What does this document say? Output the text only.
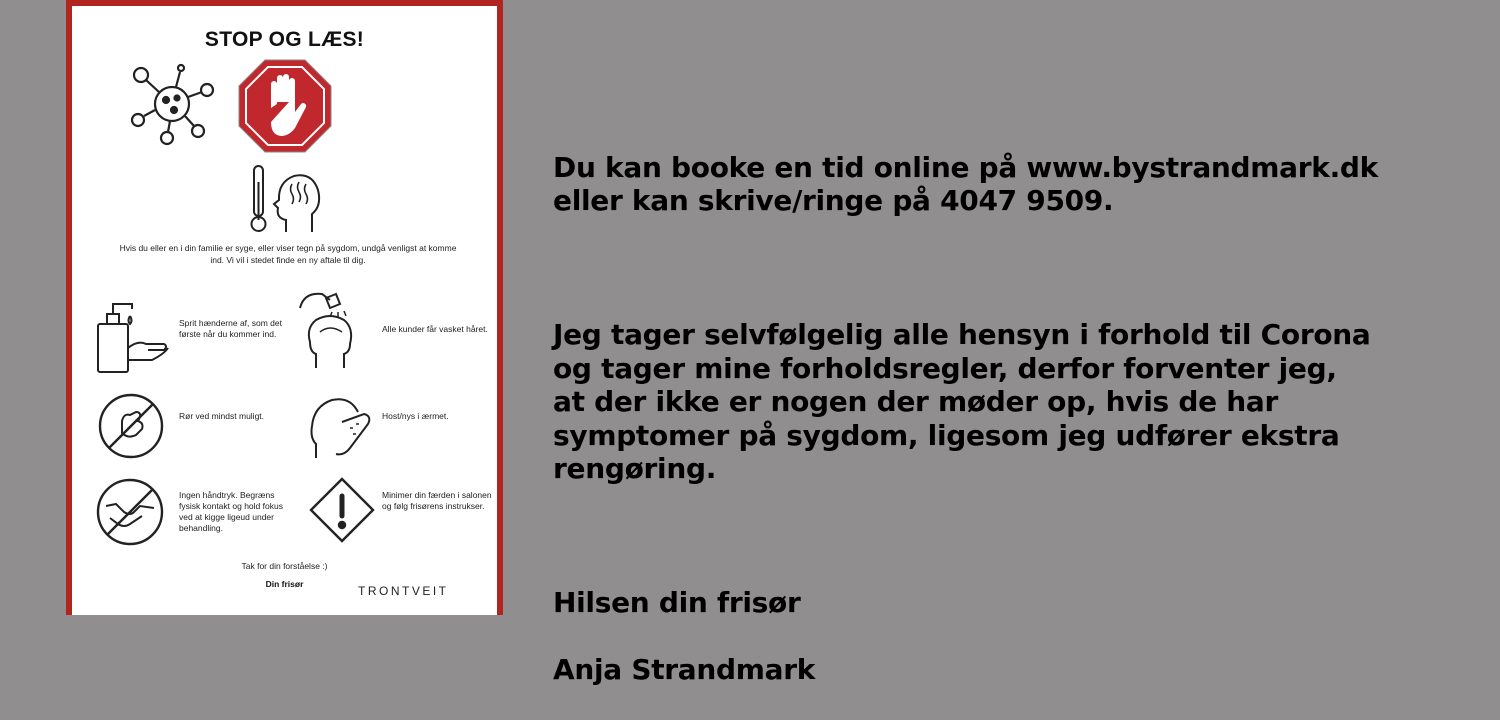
STOP OG LÆS!
Hvis du eller en i din familie er syge, eller viser tegn på sygdom, undgå venligst at komme ind. Vi vil i stedet finde en ny aftale til dig.
Sprit hænderne af, som det første når du kommer ind.	Alle kunder får vasket håret.
Rør ved mindst muligt.	Host/nys i ærmet.
Ingen håndtryk. Begræns fysisk kontakt og hold fokus ved at kigge ligeud under behandling.
Minimer din færden i salonen og følg frisørens instrukser.
Tak for din forståelse :)
Din frisør	TRONTVEIT

Du kan booke en tid online på www.bystrandmark.dk
eller kan skrive/ringe på 4047 9509.

Jeg tager selvfølgelig alle hensyn i forhold til Corona
og tager mine forholdsregler, derfor forventer jeg,
at der ikke er nogen der møder op, hvis de har
symptomer på sygdom, ligesom jeg udfører ekstra
rengøring.

Hilsen din frisør

Anja Strandmark
